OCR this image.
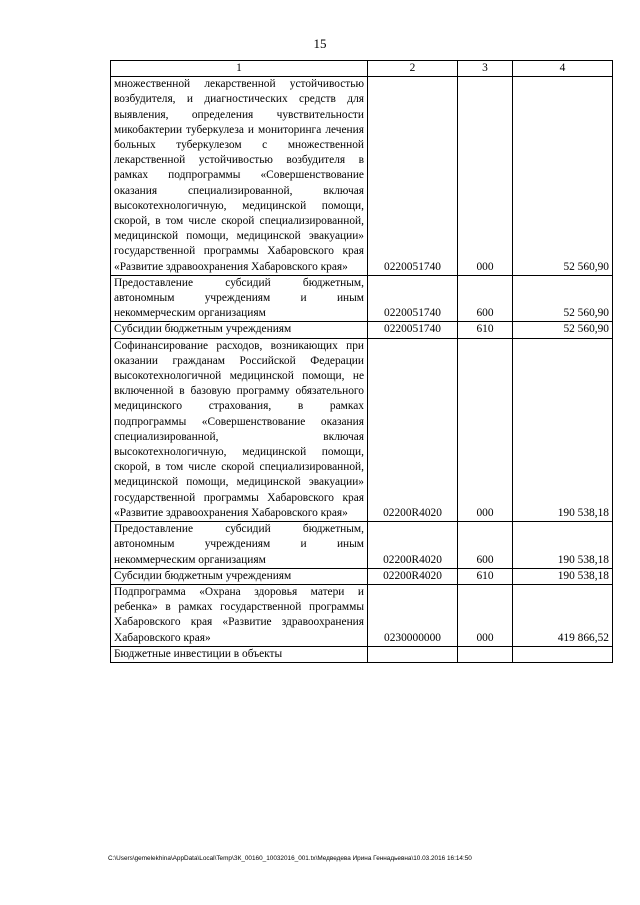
15
1	2	3	4
множественной лекарственной устойчивостью возбудителя, и диагностических средств для выявления, определения чувствительности микобактерии туберкулеза и мониторинга лечения больных туберкулезом с множественной лекарственной устойчивостью возбудителя в рамках подпрограммы «Совершенствование оказания специализированной, включая высокотехнологичную, медицинской помощи, скорой, в том числе скорой специализированной, медицинской помощи, медицинской эвакуации» государственной программы Хабаровского края «Развитие здравоохранения Хабаровского края»	0220051740	000	52 560,90
Предоставление субсидий бюджетным, автономным учреждениям и иным некоммерческим организациям	0220051740	600	52 560,90
Субсидии бюджетным учреждениям	0220051740	610	52 560,90
Софинансирование расходов, возникающих при оказании гражданам Российской Федерации высокотехнологичной медицинской помощи, не включенной в базовую программу обязательного медицинского страхования, в рамках подпрограммы «Совершенствование оказания специализированной, включая высокотехнологичную, медицинской помощи, скорой, в том числе скорой специализированной, медицинской помощи, медицинской эвакуации» государственной программы Хабаровского края «Развитие здравоохранения Хабаровского края»	02200R4020	000	190 538,18
Предоставление субсидий бюджетным, автономным учреждениям и иным некоммерческим организациям	02200R4020	600	190 538,18
Субсидии бюджетным учреждениям	02200R4020	610	190 538,18
Подпрограмма «Охрана здоровья матери и ребенка» в рамках государственной программы Хабаровского края «Развитие здравоохранения Хабаровского края»	0230000000	000	419 866,52
Бюджетные инвестиции в объекты			
C:\Users\gemelekhina\AppData\Local\Temp\ЗК_00160_10032016_001.tx\Медведева Ирина Геннадьевна\10.03.2016 16:14:50
